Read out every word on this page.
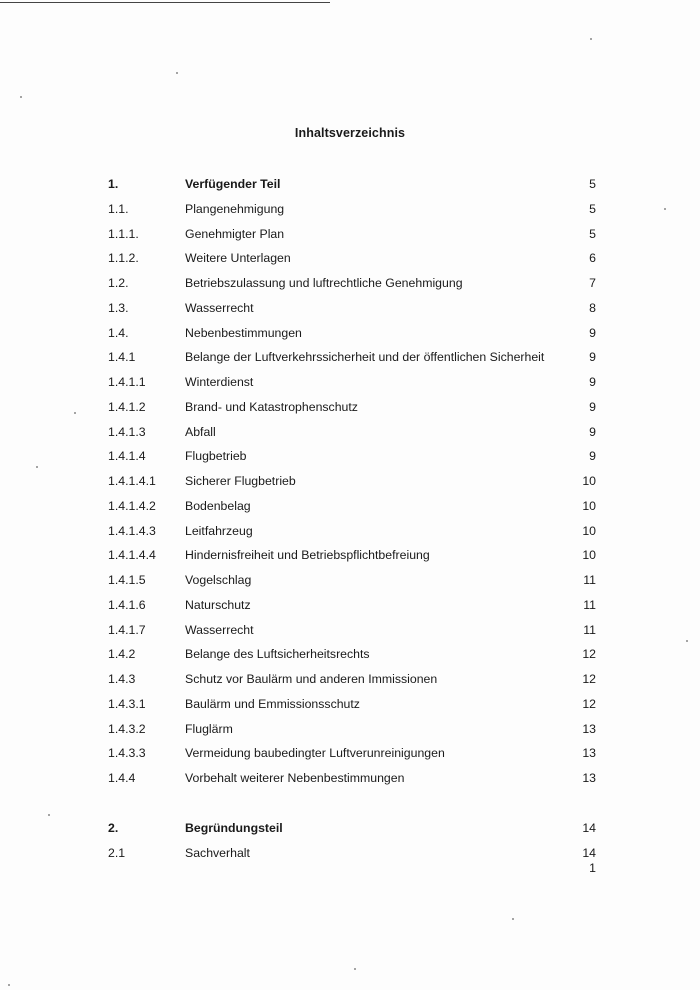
Inhaltsverzeichnis
1.	Verfügender Teil	5
1.1.	Plangenehmigung	5
1.1.1.	Genehmigter Plan	5
1.1.2.	Weitere Unterlagen	6
1.2.	Betriebszulassung und luftrechtliche Genehmigung	7
1.3.	Wasserrecht	8
1.4.	Nebenbestimmungen	9
1.4.1	Belange der Luftverkehrssicherheit und der öffentlichen Sicherheit	9
1.4.1.1	Winterdienst	9
1.4.1.2	Brand- und Katastrophenschutz	9
1.4.1.3	Abfall	9
1.4.1.4	Flugbetrieb	9
1.4.1.4.1 Sicherer Flugbetrieb	10
1.4.1.4.2 Bodenbelag	10
1.4.1.4.3 Leitfahrzeug	10
1.4.1.4.4 Hindernisfreiheit und Betriebspflichtbefreiung	10
1.4.1.5	Vogelschlag	11
1.4.1.6	Naturschutz	11
1.4.1.7	Wasserrecht	11
1.4.2	Belange des Luftsicherheitsrechts	12
1.4.3	Schutz vor Baulärm und anderen Immissionen	12
1.4.3.1	Baulärm und Emmissionsschutz	12
1.4.3.2	Fluglärm	13
1.4.3.3	Vermeidung baubedingter Luftverunreinigungen	13
1.4.4	Vorbehalt weiterer Nebenbestimmungen	13
2.	Begründungsteil	14
2.1	Sachverhalt	14
1
